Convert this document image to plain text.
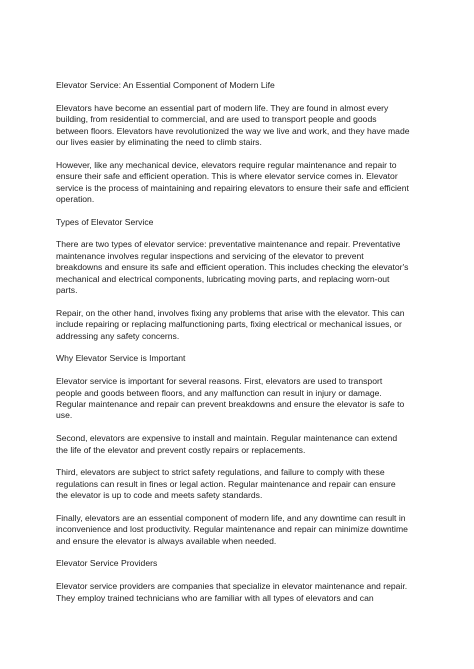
Elevator Service: An Essential Component of Modern Life
Elevators have become an essential part of modern life. They are found in almost every
building, from residential to commercial, and are used to transport people and goods
between floors. Elevators have revolutionized the way we live and work, and they have made
our lives easier by eliminating the need to climb stairs.
However, like any mechanical device, elevators require regular maintenance and repair to
ensure their safe and efficient operation. This is where elevator service comes in. Elevator
service is the process of maintaining and repairing elevators to ensure their safe and efficient
operation.
Types of Elevator Service
There are two types of elevator service: preventative maintenance and repair. Preventative
maintenance involves regular inspections and servicing of the elevator to prevent
breakdowns and ensure its safe and efficient operation. This includes checking the elevator's
mechanical and electrical components, lubricating moving parts, and replacing worn-out
parts.
Repair, on the other hand, involves fixing any problems that arise with the elevator. This can
include repairing or replacing malfunctioning parts, fixing electrical or mechanical issues, or
addressing any safety concerns.
Why Elevator Service is Important
Elevator service is important for several reasons. First, elevators are used to transport
people and goods between floors, and any malfunction can result in injury or damage.
Regular maintenance and repair can prevent breakdowns and ensure the elevator is safe to
use.
Second, elevators are expensive to install and maintain. Regular maintenance can extend
the life of the elevator and prevent costly repairs or replacements.
Third, elevators are subject to strict safety regulations, and failure to comply with these
regulations can result in fines or legal action. Regular maintenance and repair can ensure
the elevator is up to code and meets safety standards.
Finally, elevators are an essential component of modern life, and any downtime can result in
inconvenience and lost productivity. Regular maintenance and repair can minimize downtime
and ensure the elevator is always available when needed.
Elevator Service Providers
Elevator service providers are companies that specialize in elevator maintenance and repair.
They employ trained technicians who are familiar with all types of elevators and can
